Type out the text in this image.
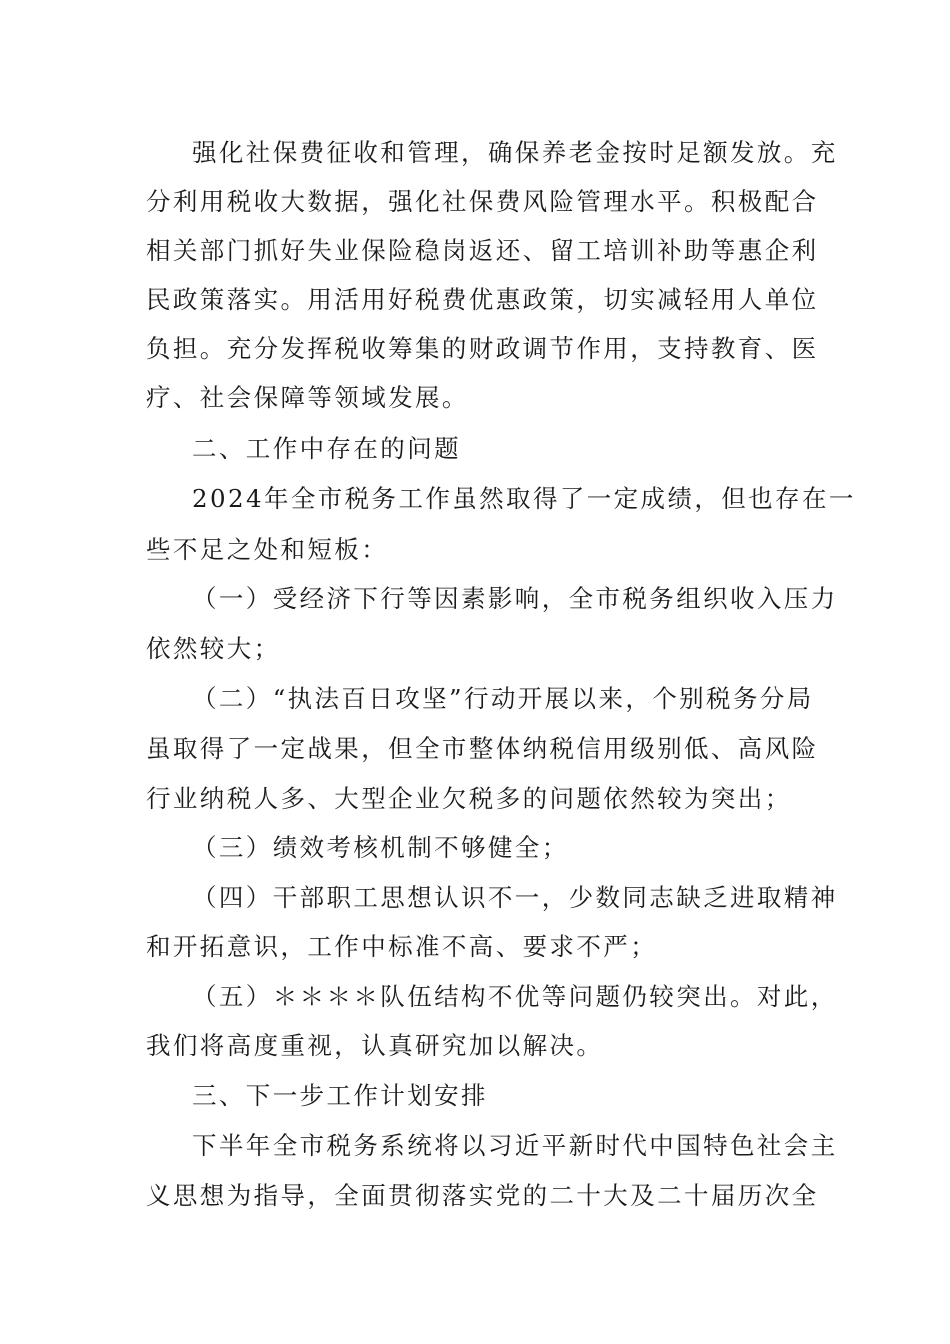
强化社保费征收和管理，确保养老金按时足额发放。充
分利用税收大数据，强化社保费风险管理水平。积极配合
相关部门抓好失业保险稳岗返还、留工培训补助等惠企利
民政策落实。用活用好税费优惠政策，切实减轻用人单位
负担。充分发挥税收筹集的财政调节作用，支持教育、医
疗、社会保障等领域发展。
二、工作中存在的问题
2024年全市税务工作虽然取得了一定成绩，但也存在一
些不足之处和短板：
（一）受经济下行等因素影响，全市税务组织收入压力
依然较大；
（二）“执法百日攻坚”行动开展以来，个别税务分局
虽取得了一定战果，但全市整体纳税信用级别低、高风险
行业纳税人多、大型企业欠税多的问题依然较为突出；
（三）绩效考核机制不够健全；
（四）干部职工思想认识不一，少数同志缺乏进取精神
和开拓意识，工作中标准不高、要求不严；
（五）＊＊＊＊队伍结构不优等问题仍较突出。对此，
我们将高度重视，认真研究加以解决。
三、下一步工作计划安排
下半年全市税务系统将以习近平新时代中国特色社会主
义思想为指导，全面贯彻落实党的二十大及二十届历次全
